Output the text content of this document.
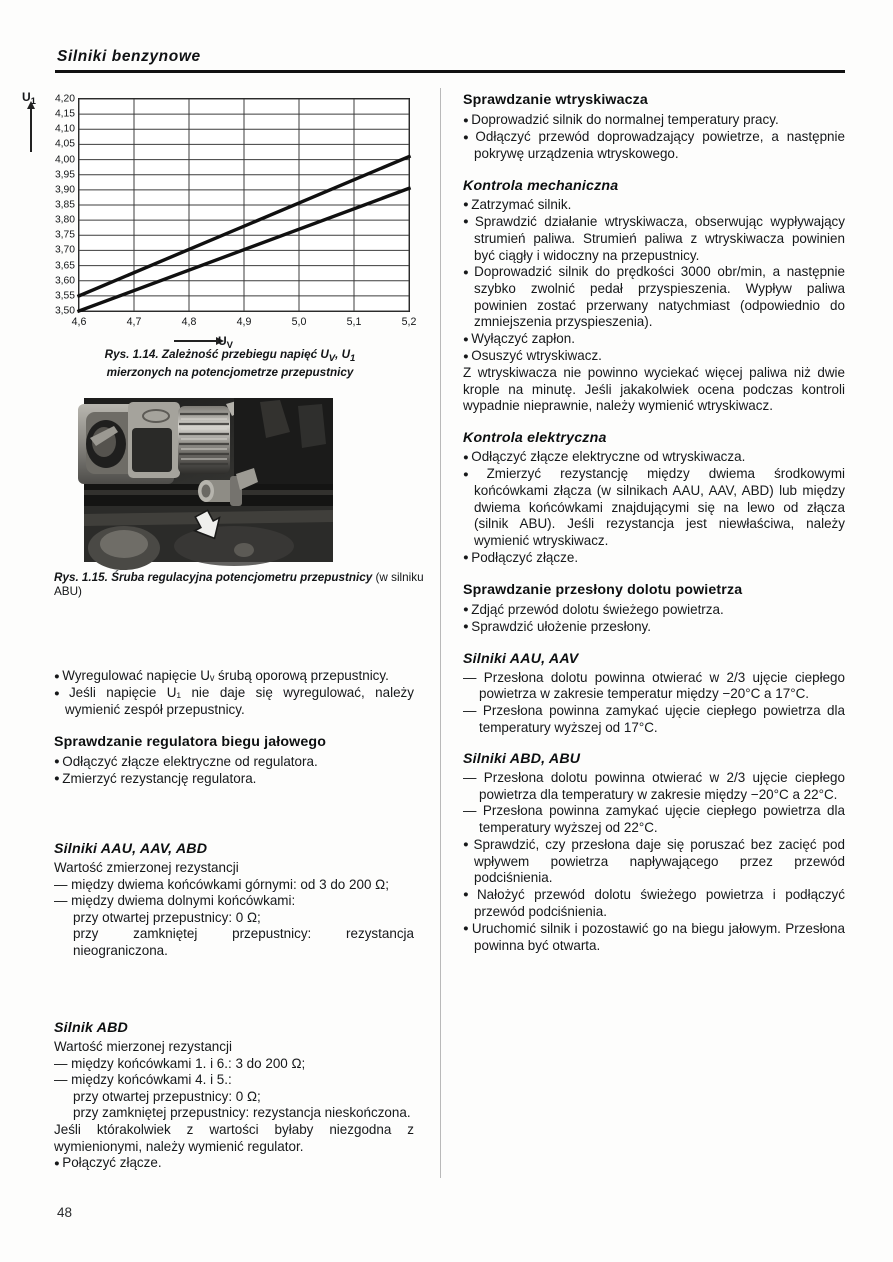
Silniki benzynowe
U	4,20
4,15
4,10
4,05
4,00
3,95
3,90
3,85
3,80
3,75
3,70
3,65
3,60
3,55
3,50
4,6	4,7	4,8	4,9	5,0	5,1	5,2
$U_V$
Rys. 1.14. Zależność przebiegu napięć $U_V$, $U_1$
mierzonych na potencjometrze przepustnicy
Rys. 1.15. Śruba regulacyjna potencjometru przepustnicy (w silniku ABU)

● Wyregulować napięcie Uᵥ śrubą oporową przepustnicy.

● Jeśli napięcie U₁ nie daje się wyregulować, należy wymienić zespół przepustnicy.

Sprawdzanie regulatora biegu jałowego

● Odłączyć złącze elektryczne od regulatora.

● Zmierzyć rezystancję regulatora.

Silniki AAU, AAV, ABD

Wartość zmierzonej rezystancji

— między dwiema końcówkami górnymi: od 3 do 200 Ω;

— między dwiema dolnymi końcówkami:

przy otwartej przepustnicy: 0 Ω;

przy zamkniętej przepustnicy: rezystancja nieograniczona.

Silnik ABD

Wartość mierzonej rezystancji

— między końcówkami 1. i 6.: 3 do 200 Ω;

— między końcówkami 4. i 5.:

przy otwartej przepustnicy: 0 Ω;

przy zamkniętej przepustnicy: rezystancja nieskończona.

Jeśli którakolwiek z wartości byłaby niezgodna z wymienionymi, należy wymienić regulator.

● Połączyć złącze.

Sprawdzanie wtryskiwacza

● Doprowadzić silnik do normalnej temperatury pracy.

● Odłączyć przewód doprowadzający powietrze, a następnie pokrywę urządzenia wtryskowego.

Kontrola mechaniczna

● Zatrzymać silnik.

● Sprawdzić działanie wtryskiwacza, obserwując wypływający strumień paliwa. Strumień paliwa z wtryskiwacza powinien być ciągły i widoczny na przepustnicy.

● Doprowadzić silnik do prędkości 3000 obr/min, a następnie szybko zwolnić pedał przyspieszenia. Wypływ paliwa powinien zostać przerwany natychmiast (odpowiednio do zmniejszenia przyspieszenia).

● Wyłączyć zapłon.

● Osuszyć wtryskiwacz.

Z wtryskiwacza nie powinno wyciekać więcej paliwa niż dwie krople na minutę. Jeśli jakakolwiek ocena podczas kontroli wypadnie nieprawnie, należy wymienić wtryskiwacz.

Kontrola elektryczna

● Odłączyć złącze elektryczne od wtryskiwacza.

● Zmierzyć rezystancję między dwiema środkowymi końcówkami złącza (w silnikach AAU, AAV, ABD) lub między dwiema końcówkami znajdującymi się na lewo od złącza (silnik ABU). Jeśli rezystancja jest niewłaściwa, należy wymienić wtryskiwacz.

● Podłączyć złącze.

Sprawdzanie przesłony dolotu powietrza

● Zdjąć przewód dolotu świeżego powietrza.

● Sprawdzić ułożenie przesłony.

Silniki AAU, AAV

— Przesłona dolotu powinna otwierać w 2/3 ujęcie ciepłego powietrza w zakresie temperatur między −20°C a 17°C.

— Przesłona powinna zamykać ujęcie ciepłego powietrza dla temperatury wyższej od 17°C.

Silniki ABD, ABU

— Przesłona dolotu powinna otwierać w 2/3 ujęcie ciepłego powietrza dla temperatury w zakresie między −20°C a 22°C.

— Przesłona powinna zamykać ujęcie ciepłego powietrza dla temperatury wyższej od 22°C.

● Sprawdzić, czy przesłona daje się poruszać bez zacięć pod wpływem powietrza napływającego przez przewód podciśnienia.

● Nałożyć przewód dolotu świeżego powietrza i podłączyć przewód podciśnienia.

● Uruchomić silnik i pozostawić go na biegu jałowym. Przesłona powinna być otwarta.

48
